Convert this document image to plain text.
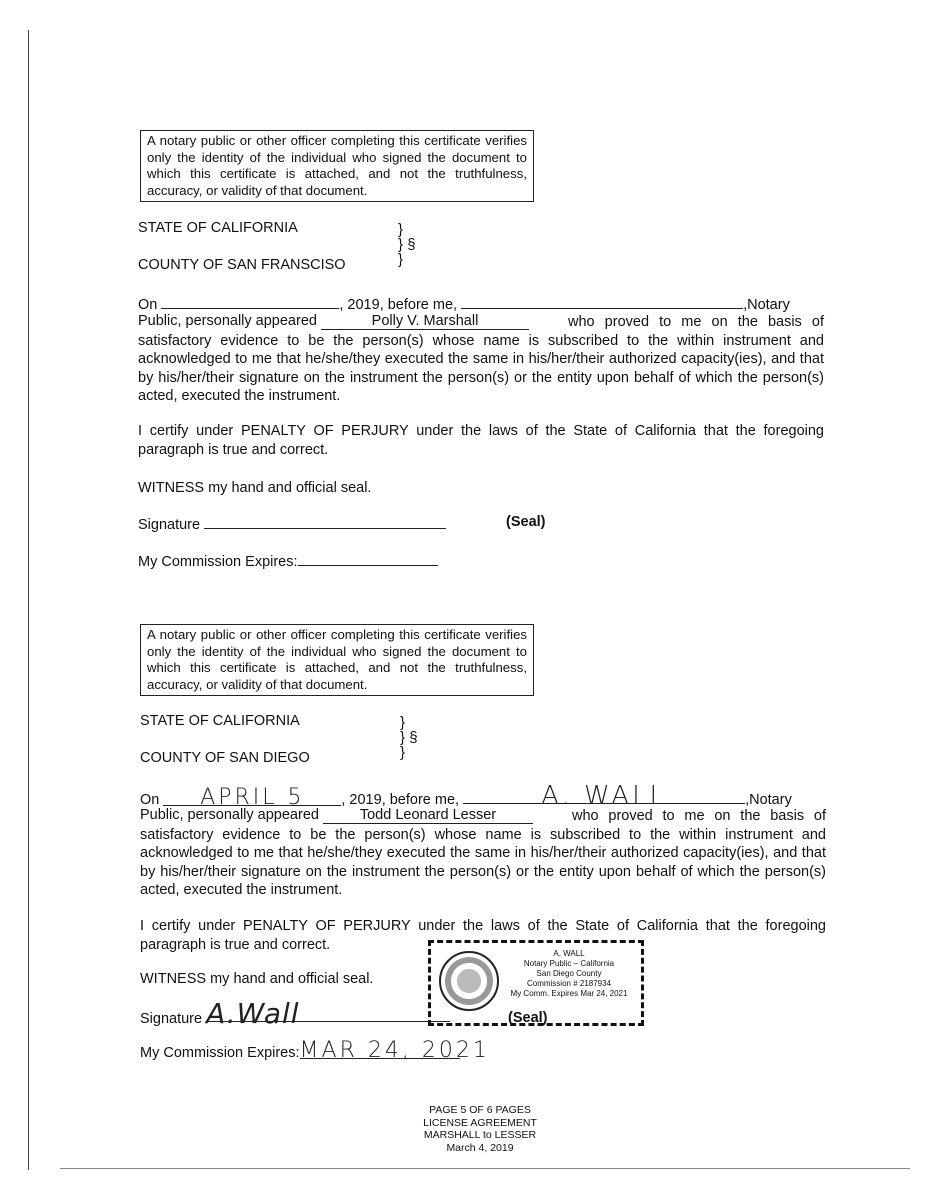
A notary public or other officer completing this certificate verifies only the identity of the individual who signed the document to which this certificate is attached, and not the truthfulness, accuracy, or validity of that document.
STATE OF CALIFORNIA
COUNTY OF SAN FRANSCISO
}
} §
}
On	, 2019, before me,	,Notary
Public, personally appeared	Polly V. Marshall	who proved to me on the basis of satisfactory evidence to be the person(s) whose name is subscribed to the within instrument and acknowledged to me that he/she/they executed the same in his/her/their authorized capacity(ies), and that by his/her/their signature on the instrument the person(s) or the entity upon behalf of which the person(s) acted, executed the instrument.
I certify under PENALTY OF PERJURY under the laws of the State of California that the foregoing paragraph is true and correct.
WITNESS my hand and official seal.
Signature	(Seal)
My Commission Expires:
A notary public or other officer completing this certificate verifies only the identity of the individual who signed the document to which this certificate is attached, and not the truthfulness, accuracy, or validity of that document.
STATE OF CALIFORNIA
COUNTY OF SAN DIEGO
}
} §
}
On APRIL 5	, 2019, before me,	A. WALL	,Notary
Public, personally appeared	Todd Leonard Lesser	who proved to me on the basis of satisfactory evidence to be the person(s) whose name is subscribed to the within instrument and acknowledged to me that he/she/they executed the same in his/her/their authorized capacity(ies), and that by his/her/their signature on the instrument the person(s) or the entity upon behalf of which the person(s) acted, executed the instrument.
I certify under PENALTY OF PERJURY under the laws of the State of California that the foregoing paragraph is true and correct.
A. WALL
Notary Public – California
San Diego County
Commission # 2187934
My Comm. Expires Mar 24, 2021
WITNESS my hand and official seal.
Signature A.Wall	(Seal)
My Commission Expires:MAR 24, 2021
PAGE 5 OF 6 PAGES
LICENSE AGREEMENT
MARSHALL to LESSER
March 4, 2019
